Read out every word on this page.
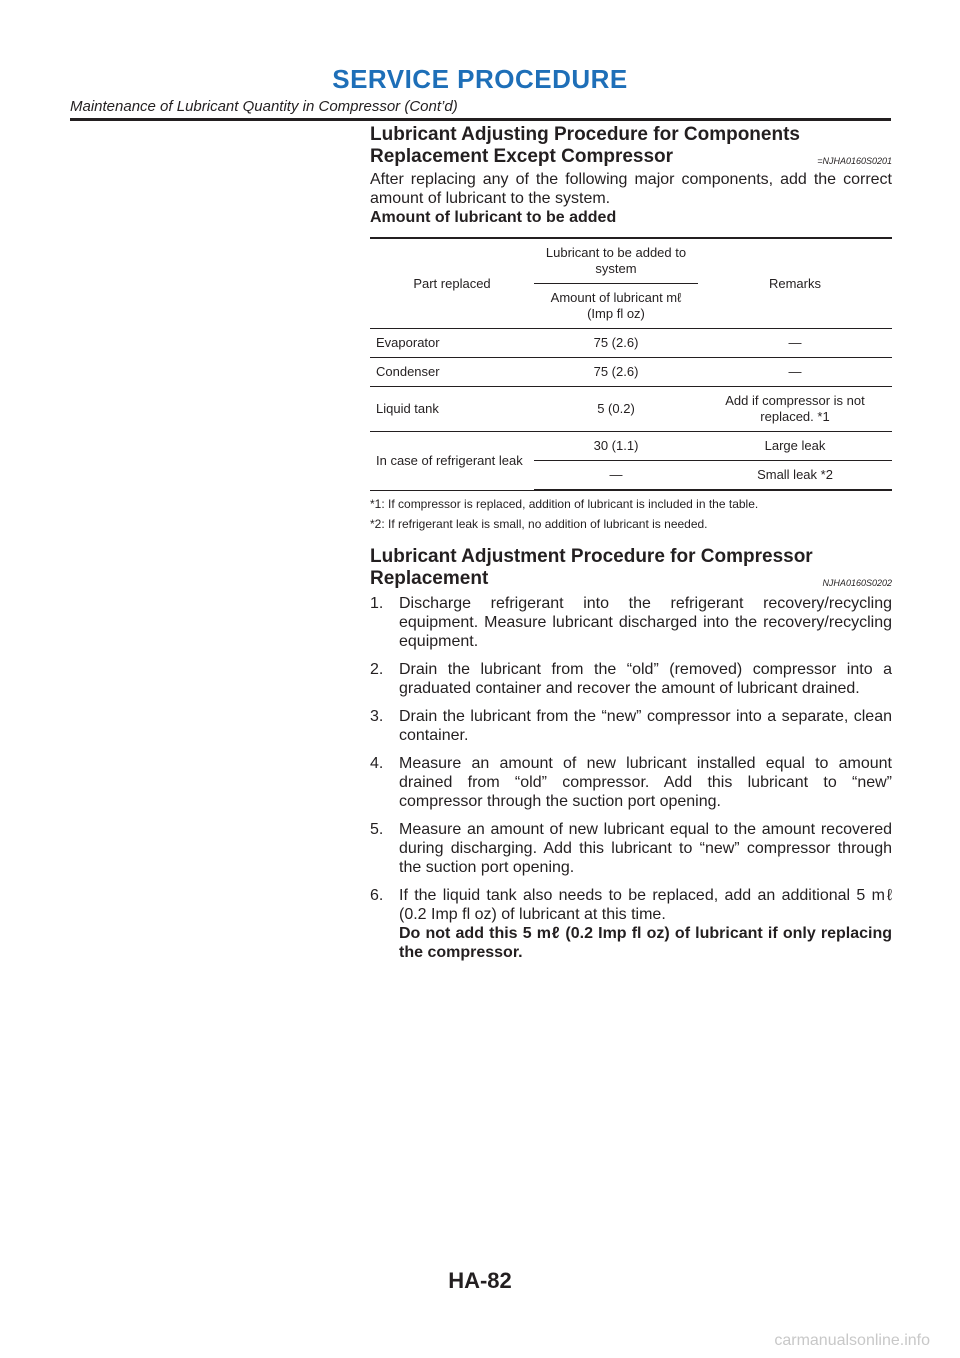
SERVICE PROCEDURE
Maintenance of Lubricant Quantity in Compressor (Cont’d)
Lubricant Adjusting Procedure for Components Replacement Except Compressor	=NJHA0160S0201

After replacing any of the following major components, add the correct amount of lubricant to the system.

Amount of lubricant to be added

Part replaced	Lubricant to be added to system	Remarks
	Amount of lubricant mℓ (Imp fl oz)	
Evaporator	75 (2.6)	—
Condenser	75 (2.6)	—
Liquid tank	5 (0.2)	Add if compressor is not replaced. *1
In case of refrigerant leak	30 (1.1)	Large leak
	—	Small leak *2
*1: If compressor is replaced, addition of lubricant is included in the table.
*2: If refrigerant leak is small, no addition of lubricant is needed.
Lubricant Adjustment Procedure for Compressor Replacement	NJHA0160S0202
1. Discharge refrigerant into the refrigerant recovery/recycling equipment. Measure lubricant discharged into the recovery/recycling equipment.
2. Drain the lubricant from the “old” (removed) compressor into a graduated container and recover the amount of lubricant drained.
3. Drain the lubricant from the “new” compressor into a separate, clean container.
4. Measure an amount of new lubricant installed equal to amount drained from “old” compressor. Add this lubricant to “new” compressor through the suction port opening.
5. Measure an amount of new lubricant equal to the amount recovered during discharging. Add this lubricant to “new” compressor through the suction port opening.
6. If the liquid tank also needs to be replaced, add an additional 5 mℓ (0.2 Imp fl oz) of lubricant at this time.
Do not add this 5 mℓ (0.2 Imp fl oz) of lubricant if only replacing the compressor.
HA-82
carmanualsonline.info
